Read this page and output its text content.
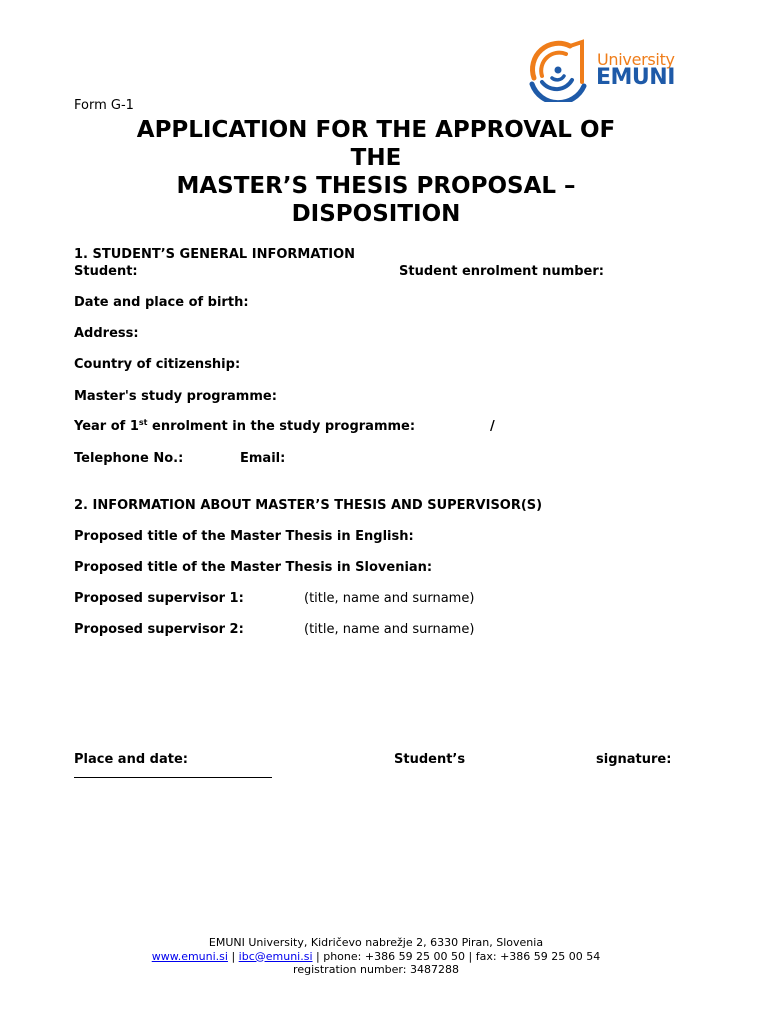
University
EMUNI
Form G-1
APPLICATION FOR THE APPROVAL OF
THE
MASTER’S THESIS PROPOSAL –
DISPOSITION
1. STUDENT’S GENERAL INFORMATION
Student:	Student enrolment number:
Date and place of birth:
Address:
Country of citizenship:
Master's study programme:
Year of 1st enrolment in the study programme:	/
Telephone No.:	Email:
2. INFORMATION ABOUT MASTER’S THESIS AND SUPERVISOR(S)
Proposed title of the Master Thesis in English:
Proposed title of the Master Thesis in Slovenian:
Proposed supervisor 1:	(title, name and surname)
Proposed supervisor 2:	(title, name and surname)
Place and date:	Student’s	signature:
EMUNI University, Kidričevo nabrežje 2, 6330 Piran, Slovenia
www.emuni.si | ibc@emuni.si | phone: +386 59 25 00 50 | fax: +386 59 25 00 54
registration number: 3487288
